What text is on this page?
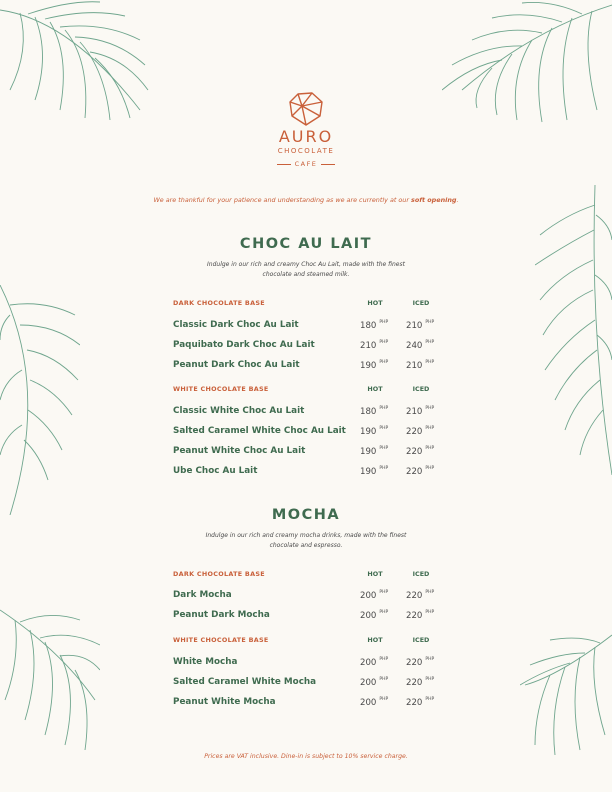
AURO
CHOCOLATE
CAFE
We are thankful for your patience and understanding as we are currently at our soft opening.
CHOC AU LAIT
Indulge in our rich and creamy Choc Au Lait, made with the finest
chocolate and steamed milk.
DARK CHOCOLATE BASE	HOT	ICED
Classic Dark Choc Au Lait	180 $^{PHP}$ 210 $^{PHP}$
Paquibato Dark Choc Au Lait	210 $^{PHP}$ 240 $^{PHP}$
Peanut Dark Choc Au Lait	190 $^{PHP}$ 210 $^{PHP}$
WHITE CHOCOLATE BASE	HOT	ICED
Classic White Choc Au Lait	180 $^{PHP}$ 210 $^{PHP}$
Salted Caramel White Choc Au Lait 190 $^{PHP}$ 220 $^{PHP}$
Peanut White Choc Au Lait	190 $^{PHP}$ 220 $^{PHP}$
Ube Choc Au Lait	190 $^{PHP}$ 220 $^{PHP}$
MOCHA
Indulge in our rich and creamy mocha drinks, made with the finest
chocolate and espresso.
DARK CHOCOLATE BASE	HOT	ICED
Dark Mocha	200 $^{PHP}$ 220 $^{PHP}$
Peanut Dark Mocha	200 $^{PHP}$ 220 $^{PHP}$
WHITE CHOCOLATE BASE	HOT	ICED
White Mocha	200 $^{PHP}$ 220 $^{PHP}$
Salted Caramel White Mocha	200 $^{PHP}$ 220 $^{PHP}$
Peanut White Mocha	200 $^{PHP}$ 220 $^{PHP}$
Prices are VAT inclusive. Dine-in is subject to 10% service charge.
